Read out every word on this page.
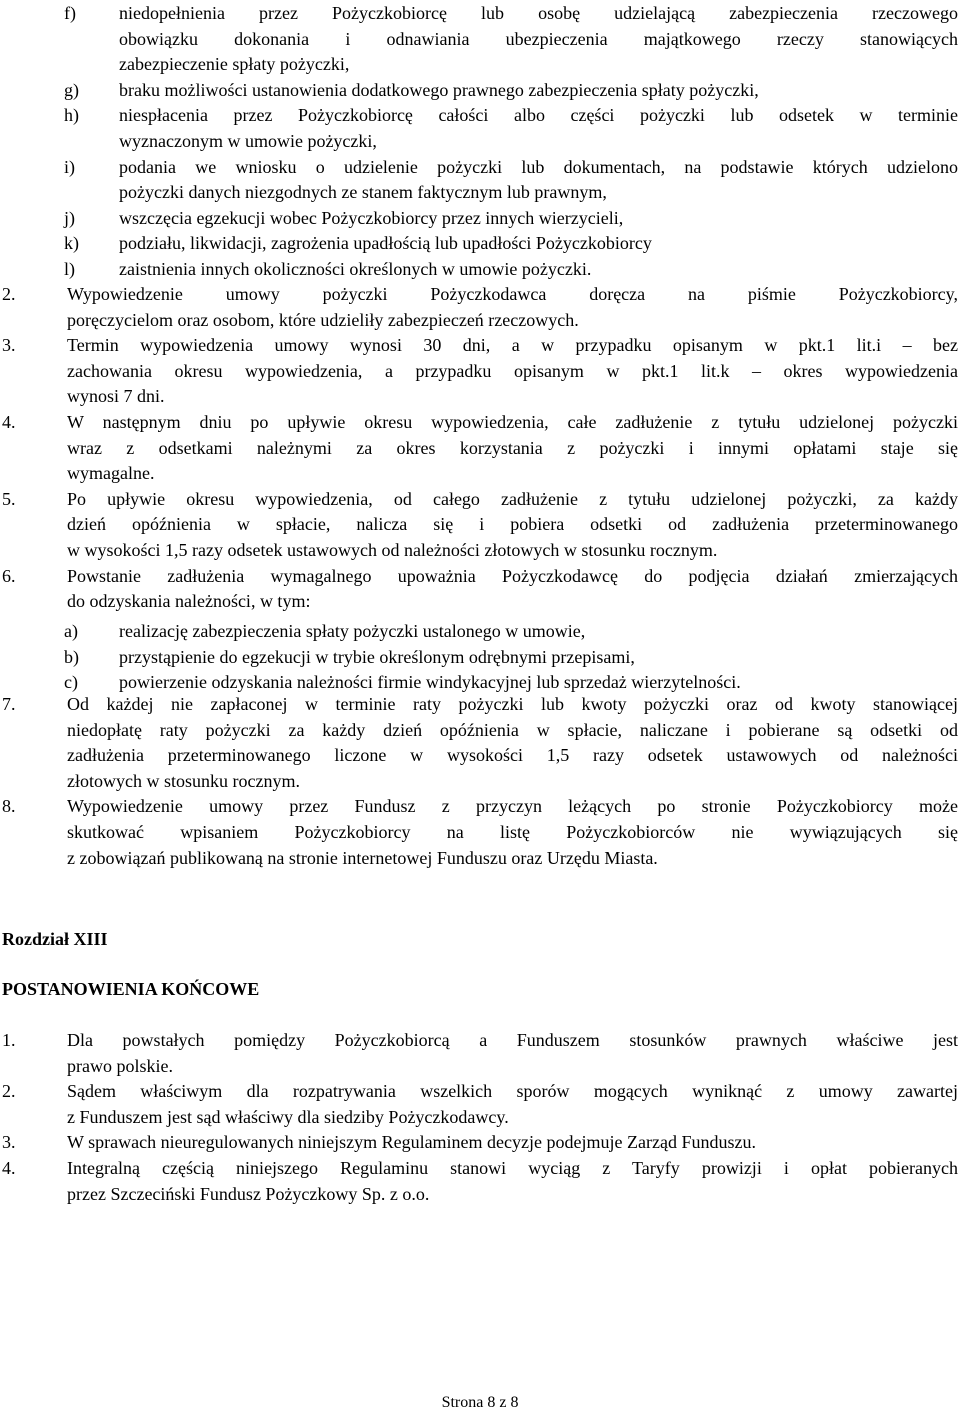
f) niedopełnienia przez Pożyczkobiorcę lub osobę udzielającą zabezpieczenia rzeczowego
obowiązku dokonania i odnawiania ubezpieczenia majątkowego rzeczy stanowiących
zabezpieczenie spłaty pożyczki,
g) braku możliwości ustanowienia dodatkowego prawnego zabezpieczenia spłaty pożyczki,
h) niespłacenia przez Pożyczkobiorcę całości albo części pożyczki lub odsetek w terminie
wyznaczonym w umowie pożyczki,
i) podania we wniosku o udzielenie pożyczki lub dokumentach, na podstawie których udzielono
pożyczki danych niezgodnych ze stanem faktycznym lub prawnym,
j) wszczęcia egzekucji wobec Pożyczkobiorcy przez innych wierzycieli,
k) podziału, likwidacji, zagrożenia upadłością lub upadłości Pożyczkobiorcy
l) zaistnienia innych okoliczności określonych w umowie pożyczki.
2.	Wypowiedzenie umowy pożyczki Pożyczkodawca doręcza na piśmie Pożyczkobiorcy,
poręczycielom oraz osobom, które udzieliły zabezpieczeń rzeczowych.
3.	Termin wypowiedzenia umowy wynosi 30 dni, a w przypadku opisanym w pkt.1 lit.i – bez
zachowania okresu wypowiedzenia, a przypadku opisanym w pkt.1 lit.k – okres wypowiedzenia
wynosi 7 dni.
4.	W następnym dniu po upływie okresu wypowiedzenia, całe zadłużenie z tytułu udzielonej pożyczki
wraz z odsetkami należnymi za okres korzystania z pożyczki i innymi opłatami staje się
wymagalne.
5.	Po upływie okresu wypowiedzenia, od całego zadłużenie z tytułu udzielonej pożyczki, za każdy
dzień opóźnienia w spłacie, nalicza się i pobiera odsetki od zadłużenia przeterminowanego
w wysokości 1,5 razy odsetek ustawowych od należności złotowych w stosunku rocznym.
6.	Powstanie zadłużenia wymagalnego upoważnia Pożyczkodawcę do podjęcia działań zmierzających
do odzyskania należności, w tym:
a) realizację zabezpieczenia spłaty pożyczki ustalonego w umowie,
b) przystąpienie do egzekucji w trybie określonym odrębnymi przepisami,
c) powierzenie odzyskania należności firmie windykacyjnej lub sprzedaż wierzytelności.
7.	Od każdej nie zapłaconej w terminie raty pożyczki lub kwoty pożyczki oraz od kwoty stanowiącej
niedopłatę raty pożyczki za każdy dzień opóźnienia w spłacie, naliczane i pobierane są odsetki od
zadłużenia przeterminowanego liczone w wysokości 1,5 razy odsetek ustawowych od należności
złotowych w stosunku rocznym.
8.	Wypowiedzenie umowy przez Fundusz z przyczyn leżących po stronie Pożyczkobiorcy może
skutkować wpisaniem Pożyczkobiorcy na listę Pożyczkobiorców nie wywiązujących się
z zobowiązań publikowaną na stronie internetowej Funduszu oraz Urzędu Miasta.
1.	Dla powstałych pomiędzy Pożyczkobiorcą a Funduszem stosunków prawnych właściwe jest
prawo polskie.
2.	Sądem właściwym dla rozpatrywania wszelkich sporów mogących wyniknąć z umowy zawartej
z Funduszem jest sąd właściwy dla siedziby Pożyczkodawcy.
3.	W sprawach nieuregulowanych niniejszym Regulaminem decyzje podejmuje Zarząd Funduszu.
4.	Integralną częścią niniejszego Regulaminu stanowi wyciąg z Taryfy prowizji i opłat pobieranych
przez Szczeciński Fundusz Pożyczkowy Sp. z o.o.
Rozdział XIII
POSTANOWIENIA KOŃCOWE
Strona 8 z 8
